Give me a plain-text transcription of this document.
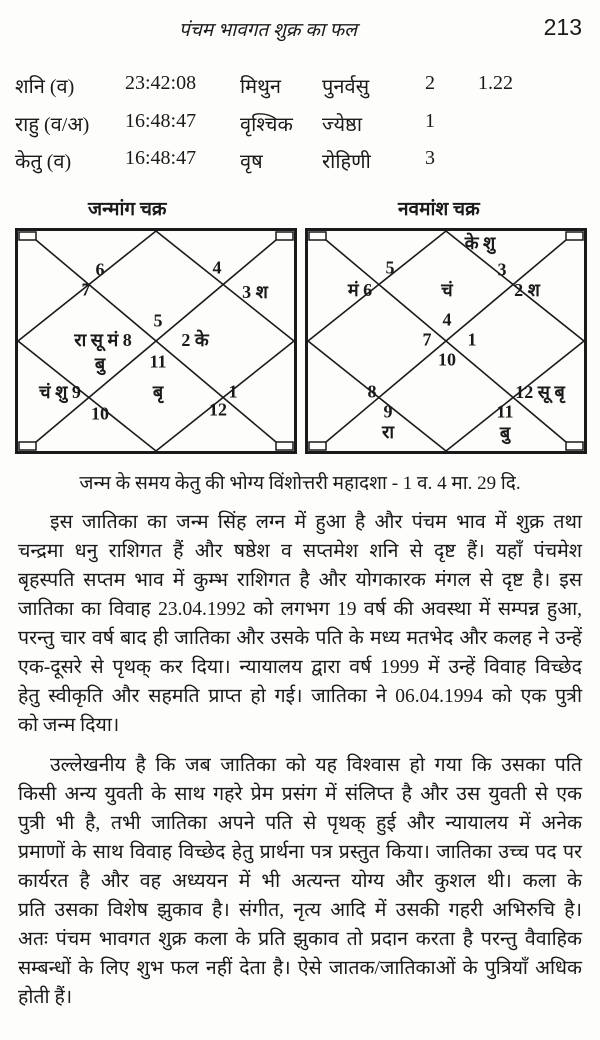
पंचम भावगत शुक्र का फल	213
शनि (व)	23:42:08 मिथुन पुनर्वसु	2 1.22
राहु (व/अ) 16:48:47 वृश्चिक ज्येष्ठा	1
केतु (व)	16:48:47 वृष	रोहिणी	3
जन्मांग चक्र	नवमांश चक्र
6
7
4
3 श
5
रा सू मं 8
बु
2 के
11
बृ
चं शु 9
10
1
12
के शु
3
5
मं 6	चं	2 श
4
7 1
10
8
9
रा
12 सू बृ
11
बु
जन्म के समय केतु की भोग्य विंशोत्तरी महादशा - 1 व. 4 मा. 29 दि.
इस जातिका का जन्म सिंह लग्न में हुआ है और पंचम भाव में शुक्र तथा
चन्द्रमा धनु राशिगत हैं और षष्ठेश व सप्तमेश शनि से दृष्ट हैं। यहाँ पंचमेश
बृहस्पति सप्तम भाव में कुम्भ राशिगत है और योगकारक मंगल से दृष्ट है। इस
जातिका का विवाह 23.04.1992 को लगभग 19 वर्ष की अवस्था में सम्पन्न हुआ,
परन्तु चार वर्ष बाद ही जातिका और उसके पति के मध्य मतभेद और कलह ने उन्हें
एक-दूसरे से पृथक् कर दिया। न्यायालय द्वारा वर्ष 1999 में उन्हें विवाह विच्छेद
हेतु स्वीकृति और सहमति प्राप्त हो गई। जातिका ने 06.04.1994 को एक पुत्री
को जन्म दिया।
उल्लेखनीय है कि जब जातिका को यह विश्वास हो गया कि उसका पति
किसी अन्य युवती के साथ गहरे प्रेम प्रसंग में संलिप्त है और उस युवती से एक
पुत्री भी है, तभी जातिका अपने पति से पृथक् हुई और न्यायालय में अनेक
प्रमाणों के साथ विवाह विच्छेद हेतु प्रार्थना पत्र प्रस्तुत किया। जातिका उच्च पद पर
कार्यरत है और वह अध्ययन में भी अत्यन्त योग्य और कुशल थी। कला के
प्रति उसका विशेष झुकाव है। संगीत, नृत्य आदि में उसकी गहरी अभिरुचि है।
अतः पंचम भावगत शुक्र कला के प्रति झुकाव तो प्रदान करता है परन्तु वैवाहिक
सम्बन्धों के लिए शुभ फल नहीं देता है। ऐसे जातक/जातिकाओं के पुत्रियाँ अधिक
होती हैं।
